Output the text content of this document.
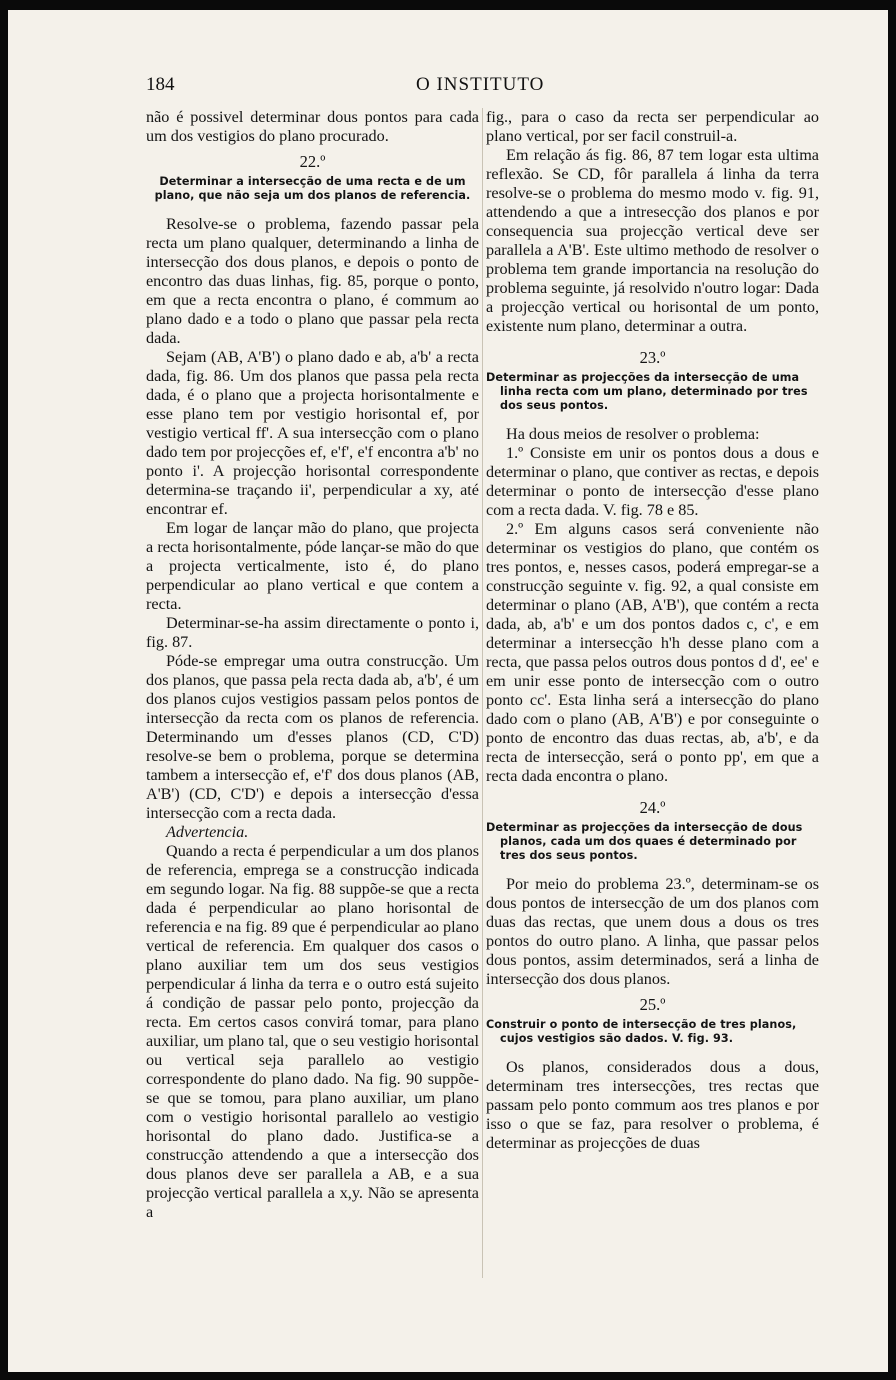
184	O INSTITUTO

não é possivel determinar dous pontos para cada um dos vestigios do plano procurado.

22.º
Determinar a intersecção de uma recta e de um plano, que não seja um dos planos de referencia.

Resolve-se o problema, fazendo passar pela recta um plano qualquer, determinando a linha de intersecção dos dous planos, e depois o ponto de encontro das duas linhas, fig. 85, porque o ponto, em que a recta encontra o plano, é commum ao plano dado e a todo o plano que passar pela recta dada.

Sejam (AB, A'B') o plano dado e ab, a'b' a recta dada, fig. 86. Um dos planos que passa pela recta dada, é o plano que a projecta horisontalmente e esse plano tem por vestigio horisontal ef, por vestigio vertical ff'. A sua intersecção com o plano dado tem por projecções ef, e'f', e'f encontra a'b' no ponto i'. A projecção horisontal correspondente determina-se traçando ii', perpendicular a xy, até encontrar ef.

Em logar de lançar mão do plano, que projecta a recta horisontalmente, póde lançar-se mão do que a projecta verticalmente, isto é, do plano perpendicular ao plano vertical e que contem a recta.

Determinar-se-ha assim directamente o ponto i, fig. 87.

Póde-se empregar uma outra construcção. Um dos planos, que passa pela recta dada ab, a'b', é um dos planos cujos vestigios passam pelos pontos de intersecção da recta com os planos de referencia. Determinando um d'esses planos (CD, C'D) resolve-se bem o problema, porque se determina tambem a intersecção ef, e'f' dos dous planos (AB, A'B') (CD, C'D') e depois a intersecção d'essa intersecção com a recta dada.

Advertencia.

Quando a recta é perpendicular a um dos planos de referencia, emprega se a construcção indicada em segundo logar. Na fig. 88 suppõe-se que a recta dada é perpendicular ao plano horisontal de referencia e na fig. 89 que é perpendicular ao plano vertical de referencia. Em qualquer dos casos o plano auxiliar tem um dos seus vestigios perpendicular á linha da terra e o outro está sujeito á condição de passar pelo ponto, projecção da recta. Em certos casos convirá tomar, para plano auxiliar, um plano tal, que o seu vestigio horisontal ou vertical seja parallelo ao vestigio correspondente do plano dado. Na fig. 90 suppõe-se que se tomou, para plano auxiliar, um plano com o vestigio horisontal parallelo ao vestigio horisontal do plano dado. Justifica-se a construcção attendendo a que a intersecção dos dous planos deve ser parallela a AB, e a sua projecção vertical parallela a x,y. Não se apresenta a

fig., para o caso da recta ser perpendicular ao plano vertical, por ser facil construil-a.

Em relação ás fig. 86, 87 tem logar esta ultima reflexão. Se CD, fôr parallela á linha da terra resolve-se o problema do mesmo modo v. fig. 91, attendendo a que a intresecção dos planos e por consequencia sua projecção vertical deve ser parallela a A'B'. Este ultimo methodo de resolver o problema tem grande importancia na resolução do problema seguinte, já resolvido n'outro logar: Dada a projecção vertical ou horisontal de um ponto, existente num plano, determinar a outra.

23.º
Determinar as projecções da intersecção de uma linha recta com um plano, determinado por tres dos seus pontos.

Ha dous meios de resolver o problema:

1.º Consiste em unir os pontos dous a dous e determinar o plano, que contiver as rectas, e depois determinar o ponto de intersecção d'esse plano com a recta dada. V. fig. 78 e 85.

2.º Em alguns casos será conveniente não determinar os vestigios do plano, que contém os tres pontos, e, nesses casos, poderá empregar-se a construcção seguinte v. fig. 92, a qual consiste em determinar o plano (AB, A'B'), que contém a recta dada, ab, a'b' e um dos pontos dados c, c', e em determinar a intersecção h'h desse plano com a recta, que passa pelos outros dous pontos d d', ee' e em unir esse ponto de intersecção com o outro ponto cc'. Esta linha será a intersecção do plano dado com o plano (AB, A'B') e por conseguinte o ponto de encontro das duas rectas, ab, a'b', e da recta de intersecção, será o ponto pp', em que a recta dada encontra o plano.

24.º
Determinar as projecções da intersecção de dous planos, cada um dos quaes é determinado por tres dos seus pontos.

Por meio do problema 23.º, determinam-se os dous pontos de intersecção de um dos planos com duas das rectas, que unem dous a dous os tres pontos do outro plano. A linha, que passar pelos dous pontos, assim determinados, será a linha de intersecção dos dous planos.

25.º
Construir o ponto de intersecção de tres planos, cujos vestigios são dados. V. fig. 93.

Os planos, considerados dous a dous, determinam tres intersecções, tres rectas que passam pelo ponto commum aos tres planos e por isso o que se faz, para resolver o problema, é determinar as projecções de duas
